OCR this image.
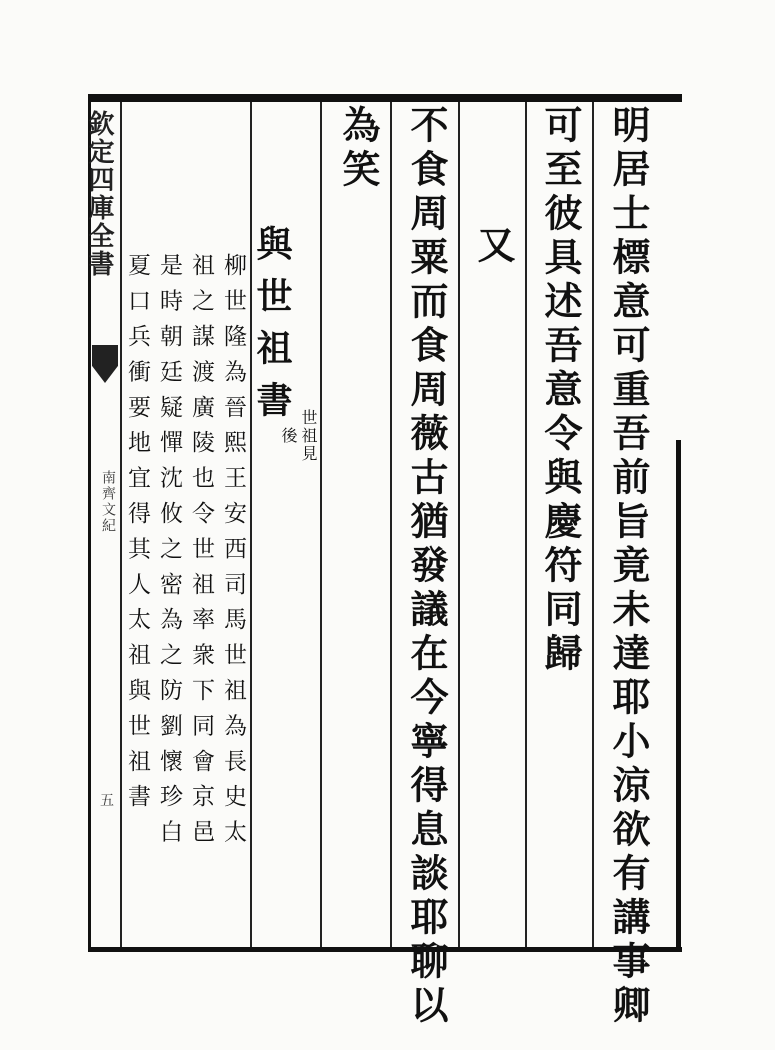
欽定四庫全書
南齊文紀
五	明居士標意可重吾前旨竟未達耶小涼欲有講事卿
可至彼具述吾意令與慶符同歸
又
不食周粟而食周薇古猶發議在今寧得息談耶聊以
為笑
與世祖書
世祖見後
柳世隆為晉熙王安西司馬世祖為長史太
祖之謀渡廣陵也令世祖率衆下同會京邑
是時朝廷疑憚沈攸之密為之防劉懷珍白
夏口兵衝要地宜得其人太祖與世祖書
